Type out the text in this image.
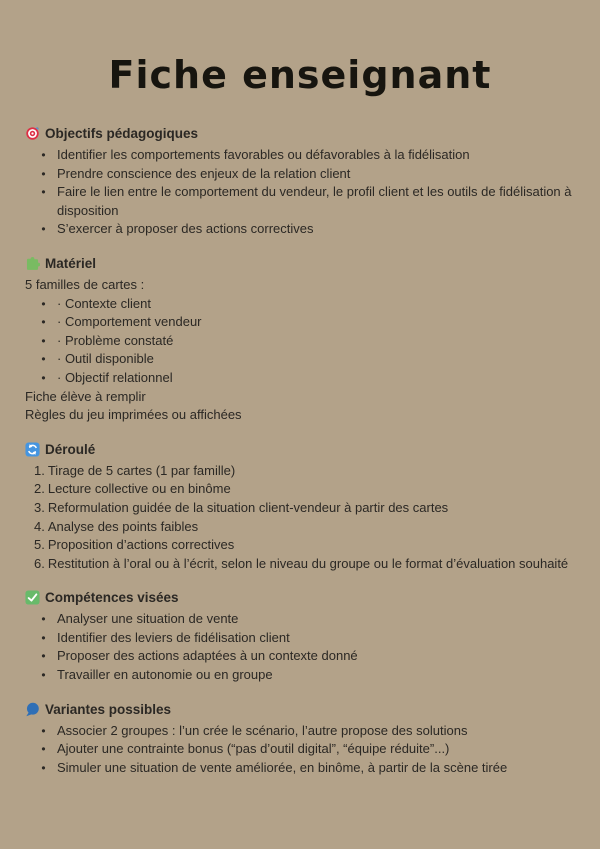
Fiche enseignant
Objectifs pédagogiques
• Identifier les comportements favorables ou défavorables à la fidélisation
• Prendre conscience des enjeux de la relation client
• Faire le lien entre le comportement du vendeur, le profil client et les outils de fidélisation à disposition
• S’exercer à proposer des actions correctives
Matériel
5 familles de cartes :
• · Contexte client
• · Comportement vendeur
• · Problème constaté
• · Outil disponible
• · Objectif relationnel
Fiche élève à remplir
Règles du jeu imprimées ou affichées
Déroulé
1. Tirage de 5 cartes (1 par famille)
2. Lecture collective ou en binôme
3. Reformulation guidée de la situation client-vendeur à partir des cartes
4. Analyse des points faibles
5. Proposition d’actions correctives
6. Restitution à l’oral ou à l’écrit, selon le niveau du groupe ou le format d’évaluation souhaité
Compétences visées
• Analyser une situation de vente
• Identifier des leviers de fidélisation client
• Proposer des actions adaptées à un contexte donné
• Travailler en autonomie ou en groupe
Variantes possibles
• Associer 2 groupes : l’un crée le scénario, l’autre propose des solutions
• Ajouter une contrainte bonus (“pas d’outil digital”, “équipe réduite”...)
• Simuler une situation de vente améliorée, en binôme, à partir de la scène tirée
